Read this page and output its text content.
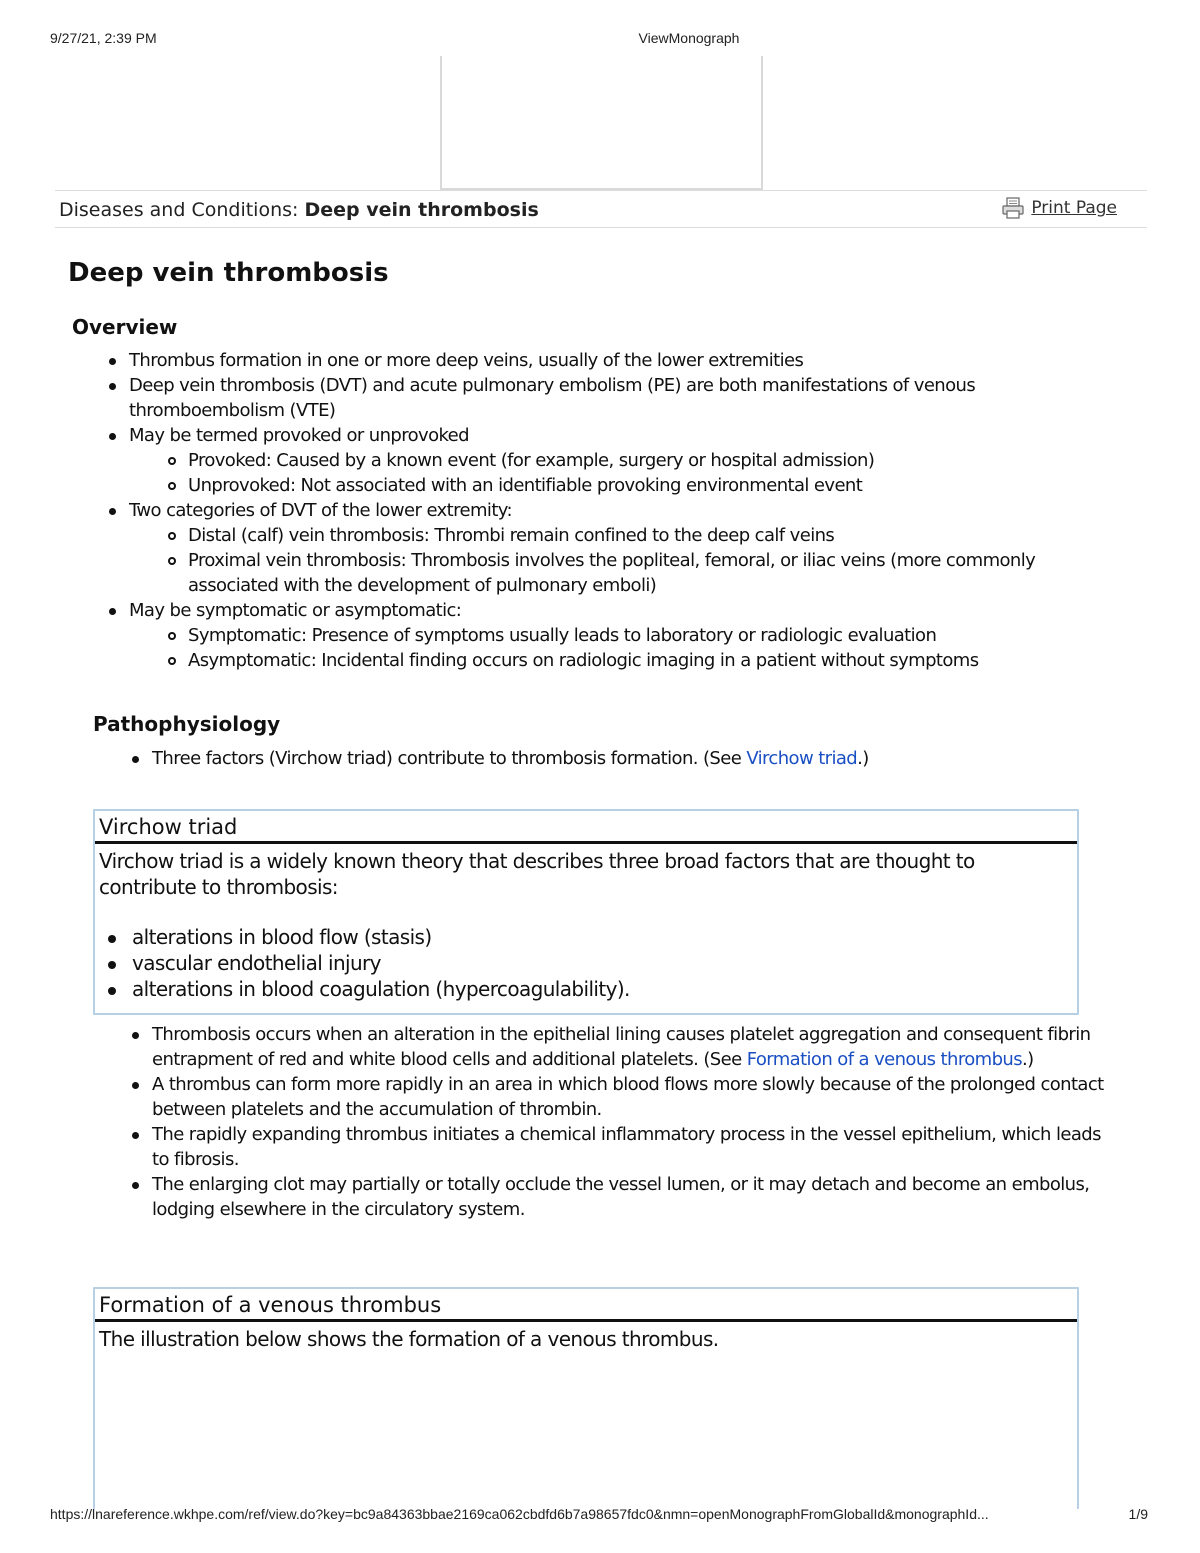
9/27/21, 2:39 PM	ViewMonograph
Diseases and Conditions: Deep vein thrombosis	Print Page
Deep vein thrombosis
Overview
Thrombus formation in one or more deep veins, usually of the lower extremities
Deep vein thrombosis (DVT) and acute pulmonary embolism (PE) are both manifestations of venous thromboembolism (VTE)
May be termed provoked or unprovoked
Provoked: Caused by a known event (for example, surgery or hospital admission)
Unprovoked: Not associated with an identifiable provoking environmental event
Two categories of DVT of the lower extremity:
Distal (calf) vein thrombosis: Thrombi remain confined to the deep calf veins
Proximal vein thrombosis: Thrombosis involves the popliteal, femoral, or iliac veins (more commonly associated with the development of pulmonary emboli)
May be symptomatic or asymptomatic:
Symptomatic: Presence of symptoms usually leads to laboratory or radiologic evaluation
Asymptomatic: Incidental finding occurs on radiologic imaging in a patient without symptoms
Pathophysiology
Three factors (Virchow triad) contribute to thrombosis formation. (See Virchow triad.)
Virchow triad
Virchow triad is a widely known theory that describes three broad factors that are thought to contribute to thrombosis:
alterations in blood flow (stasis)
vascular endothelial injury
alterations in blood coagulation (hypercoagulability).
Thrombosis occurs when an alteration in the epithelial lining causes platelet aggregation and consequent fibrin entrapment of red and white blood cells and additional platelets. (See Formation of a venous thrombus.)
A thrombus can form more rapidly in an area in which blood flows more slowly because of the prolonged contact between platelets and the accumulation of thrombin.
The rapidly expanding thrombus initiates a chemical inflammatory process in the vessel epithelium, which leads to fibrosis.
The enlarging clot may partially or totally occlude the vessel lumen, or it may detach and become an embolus, lodging elsewhere in the circulatory system.
Formation of a venous thrombus
The illustration below shows the formation of a venous thrombus.
https://lnareference.wkhpe.com/ref/view.do?key=bc9a84363bbae2169ca062cbdfd6b7a98657fdc0&nmn=openMonographFromGlobalId&monographId...	1/9
